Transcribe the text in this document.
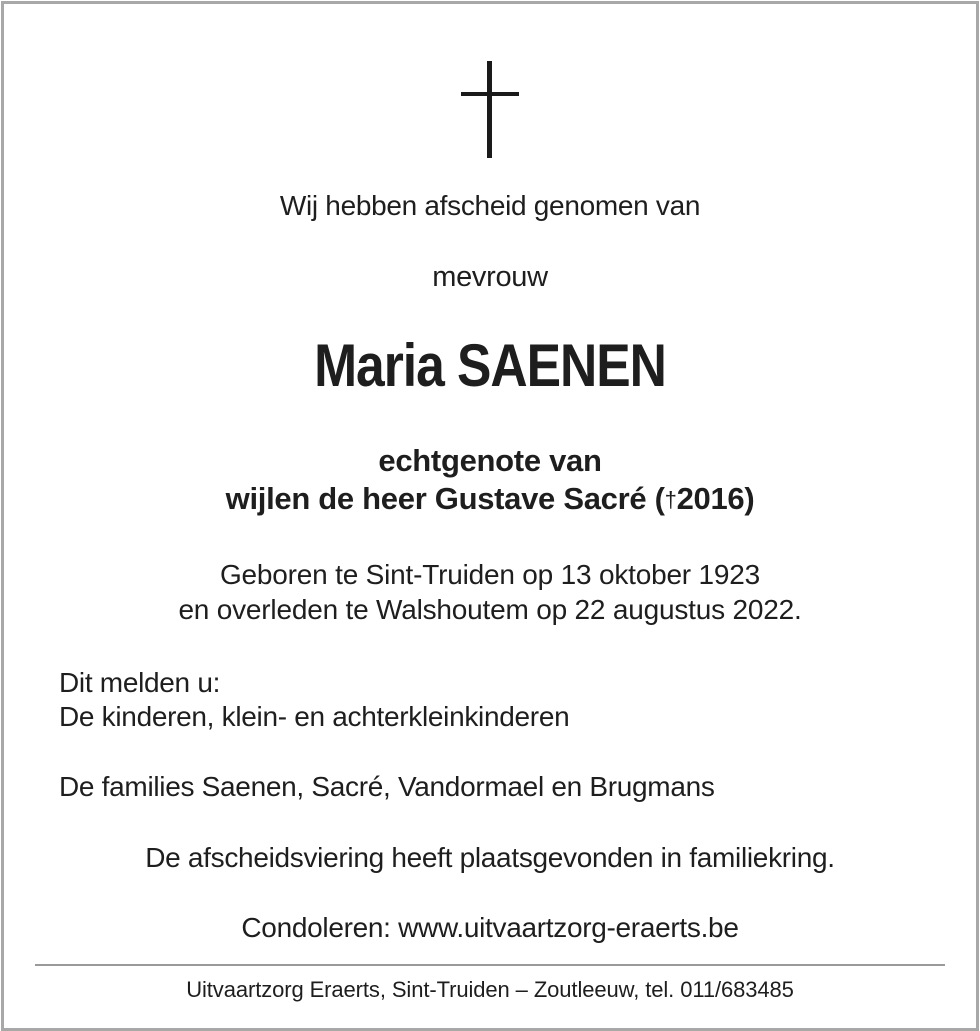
Wij hebben afscheid genomen van
mevrouw
Maria SAENEN
echtgenote van
wijlen de heer Gustave Sacré (†2016)
Geboren te Sint-Truiden op 13 oktober 1923
en overleden te Walshoutem op 22 augustus 2022.
Dit melden u:
De kinderen, klein- en achterkleinkinderen
De families Saenen, Sacré, Vandormael en Brugmans
De afscheidsviering heeft plaatsgevonden in familiekring.
Condoleren: www.uitvaartzorg-eraerts.be
Uitvaartzorg Eraerts, Sint-Truiden – Zoutleeuw, tel. 011/683485
